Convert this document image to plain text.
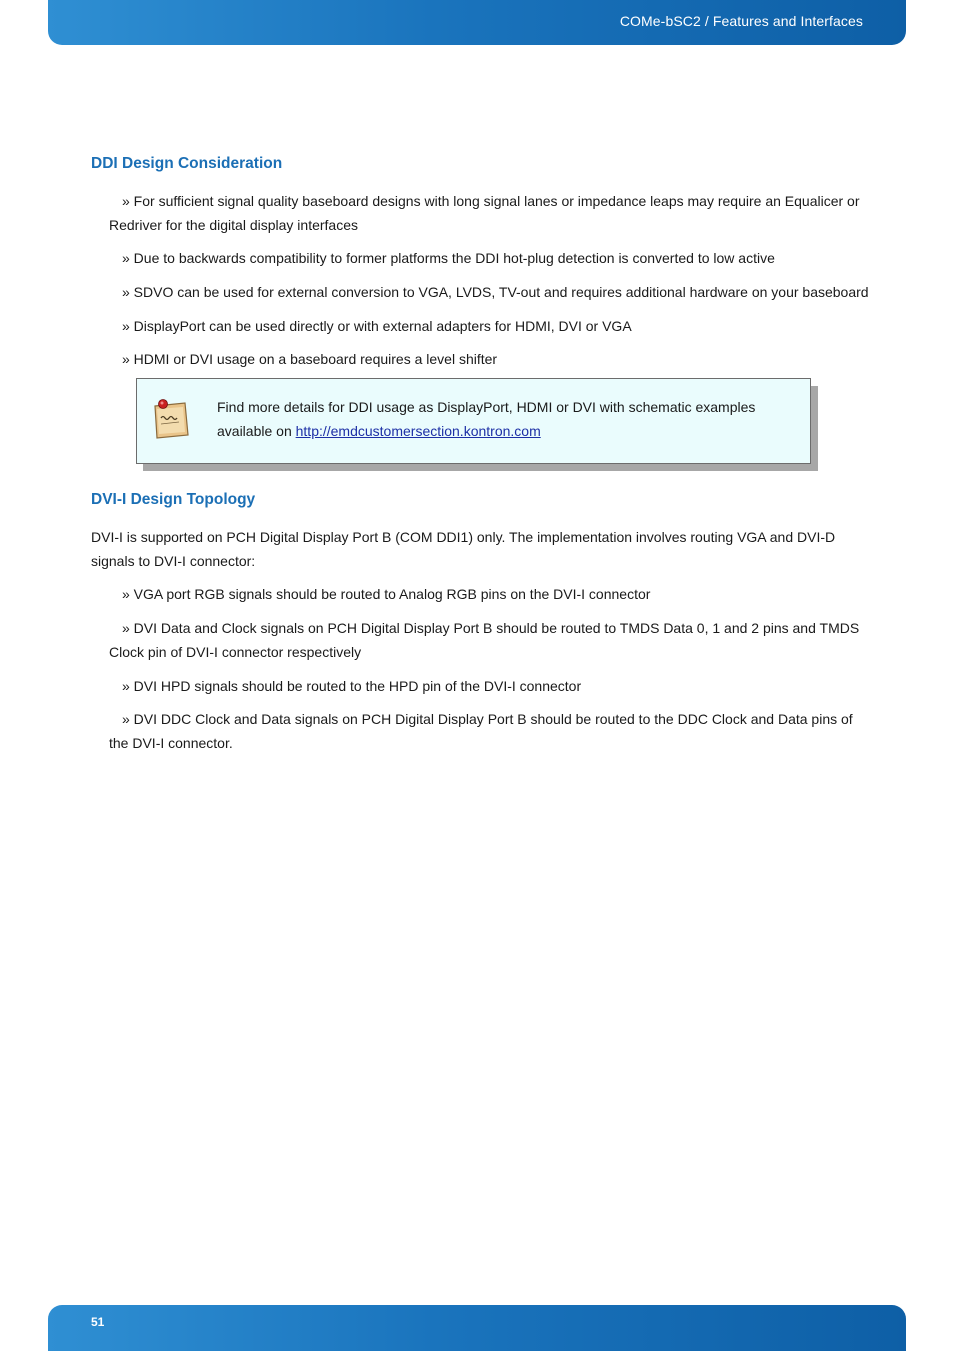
COMe-bSC2 / Features and Interfaces
DDI Design Consideration

» For sufficient signal quality baseboard designs with long signal lanes or impedance leaps may require an Equalicer or Redriver for the digital display interfaces

» Due to backwards compatibility to former platforms the DDI hot-plug detection is converted to low active

» SDVO can be used for external conversion to VGA, LVDS, TV-out and requires additional hardware on your baseboard

» DisplayPort can be used directly or with external adapters for HDMI, DVI or VGA

» HDMI or DVI usage on a baseboard requires a level shifter

Find more details for DDI usage as DisplayPort, HDMI or DVI with schematic examples available on http://emdcustomersection.kontron.com

DVI-I Design Topology

DVI-I is supported on PCH Digital Display Port B (COM DDI1) only. The implementation involves routing VGA and DVI-D signals to DVI-I connector:

» VGA port RGB signals should be routed to Analog RGB pins on the DVI-I connector

» DVI Data and Clock signals on PCH Digital Display Port B should be routed to TMDS Data 0, 1 and 2 pins and TMDS Clock pin of DVI-I connector respectively

» DVI HPD signals should be routed to the HPD pin of the DVI-I connector

» DVI DDC Clock and Data signals on PCH Digital Display Port B should be routed to the DDC Clock and Data pins of the DVI-I connector.

51
